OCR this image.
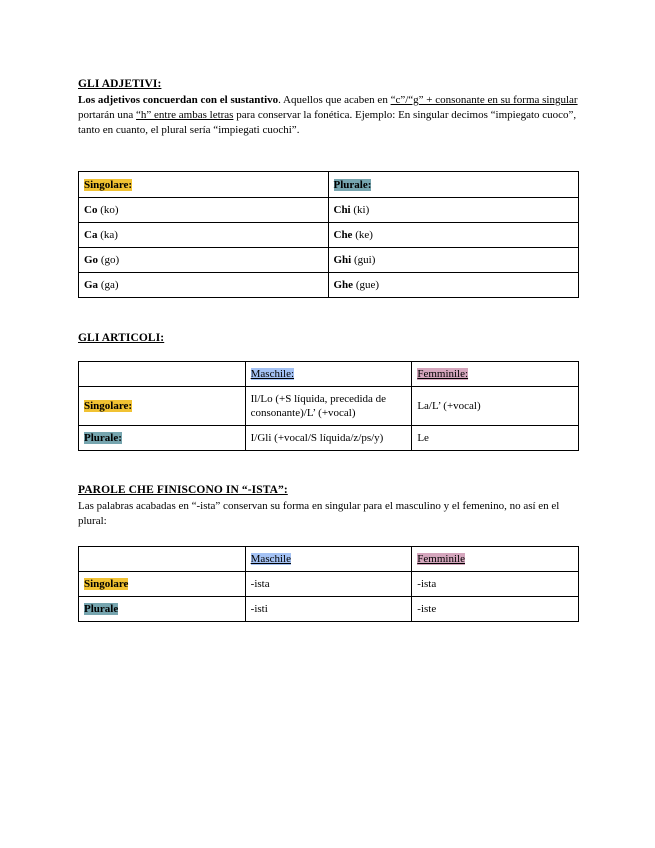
GLI ADJETIVI:
Los adjetivos concuerdan con el sustantivo. Aquellos que acaben en “c”/“g” + consonante en su forma singular portarán una “h” entre ambas letras para conservar la fonética. Ejemplo: En singular decimos “impiegato cuoco”, tanto en cuanto, el plural sería “impiegati cuochi”.
Singolare:	Plurale:
Co (ko)	Chi (ki)
Ca (ka)	Che (ke)
Go (go)	Ghi (gui)
Ga (ga)	Ghe (gue)
GLI ARTICOLI:
	Maschile:	Femminile:
Singolare:	Il/Lo (+S líquida, precedida de consonante)/L’ (+vocal)	La/L’ (+vocal)
Plurale:	I/Gli (+vocal/S líquida/z/ps/y)	Le
PAROLE CHE FINISCONO IN “-ISTA”:
Las palabras acabadas en “-ista” conservan su forma en singular para el masculino y el femenino, no así en el plural:
	Maschile	Femminile
Singolare	-ista	-ista
Plurale	-isti	-iste
